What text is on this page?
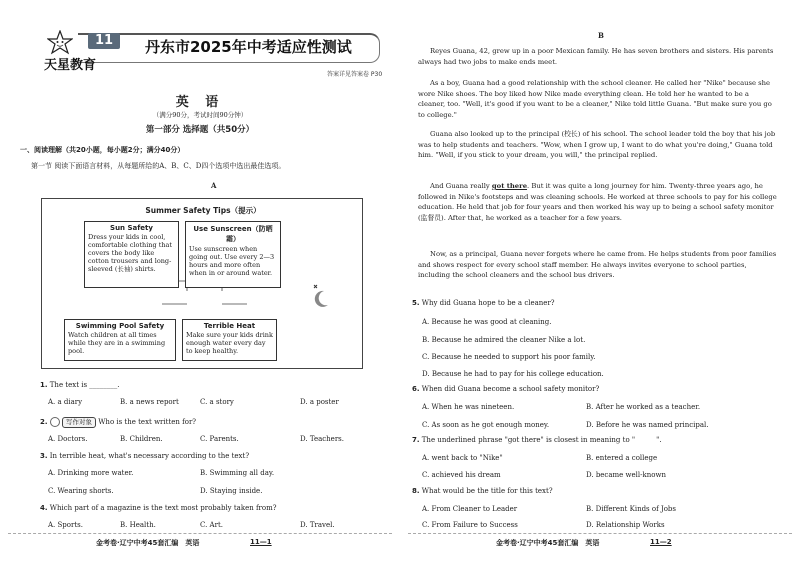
11
天星教育
丹东市2025年中考适应性测试
答案详见答案卷 P30
英 语
（满分90分，考试时间90分钟）
第一部分 选择题（共50分）
一、阅读理解（共20小题，每小题2分；满分40分）
第一节 阅读下面语言材料，从每题所给的A、B、C、D四个选项中选出最佳选项。
A
Summer Safety Tips（提示）
Sun Safety
Dress your kids in cool, comfortable clothing that covers the body like cotton trousers and long-sleeved (长袖) shirts.
Use Sunscreen（防晒霜）
Use sunscreen when going out. Use every 2—3 hours and more often when in or around water.
Swimming Pool Safety
Watch children at all times while they are in a swimming pool.
Terrible Heat
Make sure your kids drink enough water every day to keep healthy.
1. The text is ________.
A. a diary	B. a news report	C. a story	D. a poster
2.	写作对象 Who is the text written for?
A. Doctors.	B. Children.	C. Parents.	D. Teachers.
3. In terrible heat, what's necessary according to the text?
A. Drinking more water.	B. Swimming all day.
C. Wearing shorts.	D. Staying inside.
4. Which part of a magazine is the text most probably taken from?
A. Sports.	B. Health.	C. Art.	D. Travel.
金考卷·辽宁中考45套汇编　英语	11—1
B
Reyes Guana, 42, grew up in a poor Mexican family. He has seven brothers and sisters. His parents always had two jobs to make ends meet.
As a boy, Guana had a good relationship with the school cleaner. He called her "Nike" because she wore Nike shoes. The boy liked how Nike made everything clean. He told her he wanted to be a cleaner, too. "Well, it's good if you want to be a cleaner," Nike told little Guana. "But make sure you go to college."
Guana also looked up to the principal (校长) of his school. The school leader told the boy that his job was to help students and teachers. "Wow, when I grow up, I want to do what you're doing," Guana told him. "Well, if you stick to your dream, you will," the principal replied.
And Guana really got there. But it was quite a long journey for him. Twenty-three years ago, he followed in Nike's footsteps and was cleaning schools. He worked at three schools to pay for his college education. He held that job for four years and then worked his way up to being a school safety monitor (监督员). After that, he worked as a teacher for a few years.
Now, as a principal, Guana never forgets where he came from. He helps students from poor families and shows respect for every school staff member. He always invites everyone to school parties, including the school cleaners and the school bus drivers.
5. Why did Guana hope to be a cleaner?
A. Because he was good at cleaning.
B. Because he admired the cleaner Nike a lot.
C. Because he needed to support his poor family.
D. Because he had to pay for his college education.
6. When did Guana become a school safety monitor?
A. When he was nineteen.	B. After he worked as a teacher.
C. As soon as he got enough money.	D. Before he was named principal.
7. The underlined phrase "got there" is closest in meaning to "　　　".
A. went back to "Nike"	B. entered a college
C. achieved his dream	D. became well-known
8. What would be the title for this text?
A. From Cleaner to Leader	B. Different Kinds of Jobs
C. From Failure to Success	D. Relationship Works
金考卷·辽宁中考45套汇编　英语	11—2
